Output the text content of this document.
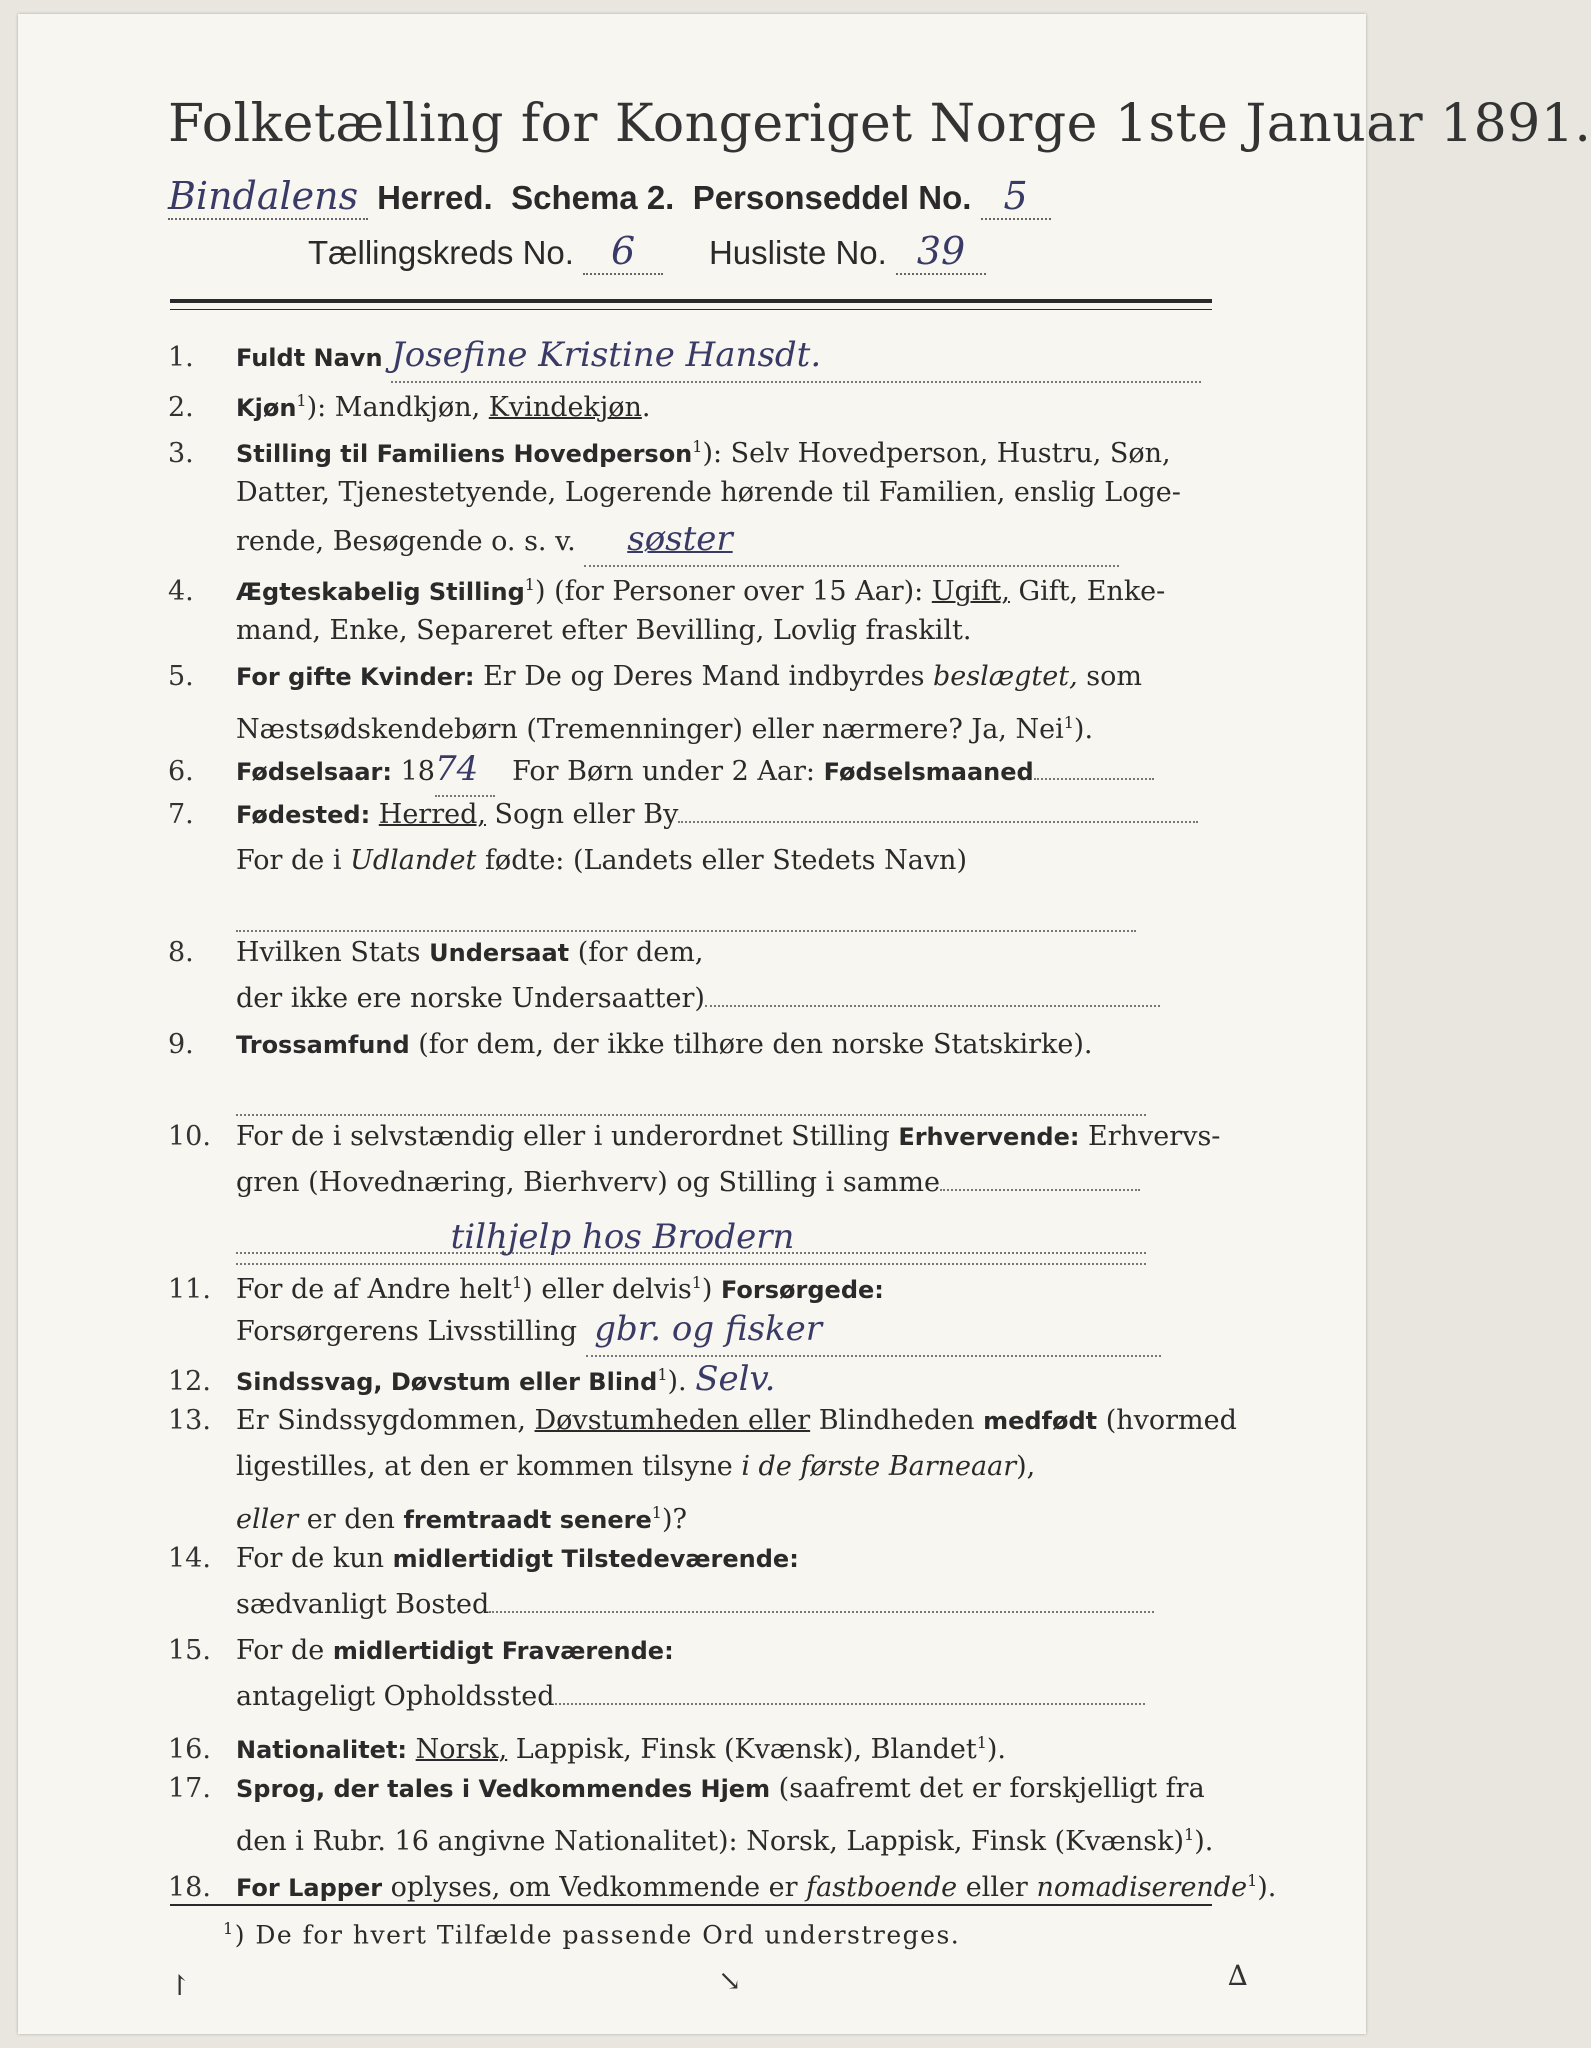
Folketælling for Kongeriget Norge 1ste Januar 1891.
Bindalens Herred. Schema 2. Personseddel No. 5
Tællingskreds No. 6 Husliste No. 39
1. Fuldt Navn Josefine Kristine Hansdt.
2. Kjøn$^1$): Mandkjøn, Kvindekjøn.
3. Stilling til Familiens Hovedperson$^1$): Selv Hovedperson, Hustru, Søn,
Datter, Tjenestetyende, Logerende hørende til Familien, enslig Loge-
rende, Besøgende o. s. v. søster
4. Ægteskabelig Stilling$^1$) (for Personer over 15 Aar): Ugift, Gift, Enke-
mand, Enke, Separeret efter Bevilling, Lovlig fraskilt.
5. For gifte Kvinder: Er De og Deres Mand indbyrdes beslægtet, som
Næstsødskendebørn (Tremenninger) eller nærmere? Ja, Nei$^1$).
6. Fødselsaar: 1874 For Børn under 2 Aar: Fødselsmaaned
7. Fødested: Herred, Sogn eller By
For de i Udlandet fødte: (Landets eller Stedets Navn)

8. Hvilken Stats Undersaat (for dem,
der ikke ere norske Undersaatter)
9. Trossamfund (for dem, der ikke tilhøre den norske Statskirke).

10. For de i selvstændig eller i underordnet Stilling Erhvervende: Erhvervs-
gren (Hovednæring, Bierhverv) og Stilling i samme

tilhjelp hos Brodern
11. For de af Andre helt$^1$) eller delvis$^1$) Forsørgede:
Forsørgerens Livsstilling gbr. og fisker
12. Sindssvag, Døvstum eller Blind$^1$). Selv.
13. Er Sindssygdommen, Døvstumheden eller Blindheden medfødt (hvormed
ligestilles, at den er kommen tilsyne i de første Barneaar),
eller er den fremtraadt senere$^1$)?
14. For de kun midlertidigt Tilstedeværende:
sædvanligt Bosted
15. For de midlertidigt Fraværende:
antageligt Opholdssted
16. Nationalitet: Norsk, Lappisk, Finsk (Kvænsk), Blandet$^1$).
17. Sprog, der tales i Vedkommendes Hjem (saafremt det er forskjelligt fra
den i Rubr. 16 angivne Nationalitet): Norsk, Lappisk, Finsk (Kvænsk)$^1$).
$^1$) De for hvert Tilfælde passende Ord understreges.
18. For Lapper oplyses, om Vedkommende er fastboende eller nomadiserende$^1$).
↾	↘	∆
